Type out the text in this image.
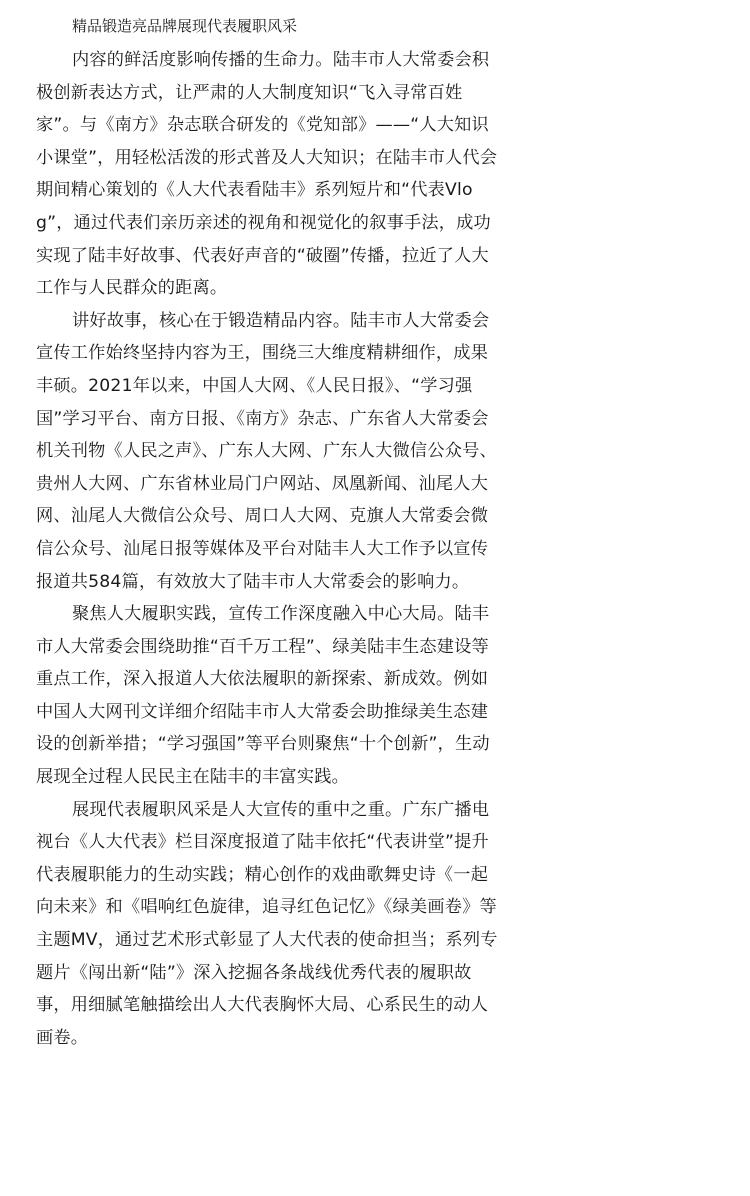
精品锻造亮品牌展现代表履职风采

内容的鲜活度影响传播的生命力。陆丰市人大常委会积极创新表达方式，让严肃的人大制度知识“飞入寻常百姓家”。与《南方》杂志联合研发的《党知部》——“人大知识小课堂”，用轻松活泼的形式普及人大知识；在陆丰市人代会期间精心策划的《人大代表看陆丰》系列短片和“代表Vlog”，通过代表们亲历亲述的视角和视觉化的叙事手法，成功实现了陆丰好故事、代表好声音的“破圈”传播，拉近了人大工作与人民群众的距离。

讲好故事，核心在于锻造精品内容。陆丰市人大常委会宣传工作始终坚持内容为王，围绕三大维度精耕细作，成果丰硕。2021年以来，中国人大网、《人民日报》、“学习强国”学习平台、南方日报、《南方》杂志、广东省人大常委会机关刊物《人民之声》、广东人大网、广东人大微信公众号、贵州人大网、广东省林业局门户网站、凤凰新闻、汕尾人大网、汕尾人大微信公众号、周口人大网、克旗人大常委会微信公众号、汕尾日报等媒体及平台对陆丰人大工作予以宣传报道共584篇，有效放大了陆丰市人大常委会的影响力。

聚焦人大履职实践，宣传工作深度融入中心大局。陆丰市人大常委会围绕助推“百千万工程”、绿美陆丰生态建设等重点工作，深入报道人大依法履职的新探索、新成效。例如中国人大网刊文详细介绍陆丰市人大常委会助推绿美生态建设的创新举措；“学习强国”等平台则聚焦“十个创新”，生动展现全过程人民民主在陆丰的丰富实践。

展现代表履职风采是人大宣传的重中之重。广东广播电视台《人大代表》栏目深度报道了陆丰依托“代表讲堂”提升代表履职能力的生动实践；精心创作的戏曲歌舞史诗《一起向未来》和《唱响红色旋律，追寻红色记忆》《绿美画卷》等主题MV，通过艺术形式彰显了人大代表的使命担当；系列专题片《闯出新“陆”》深入挖掘各条战线优秀代表的履职故事，用细腻笔触描绘出人大代表胸怀大局、心系民生的动人画卷。
